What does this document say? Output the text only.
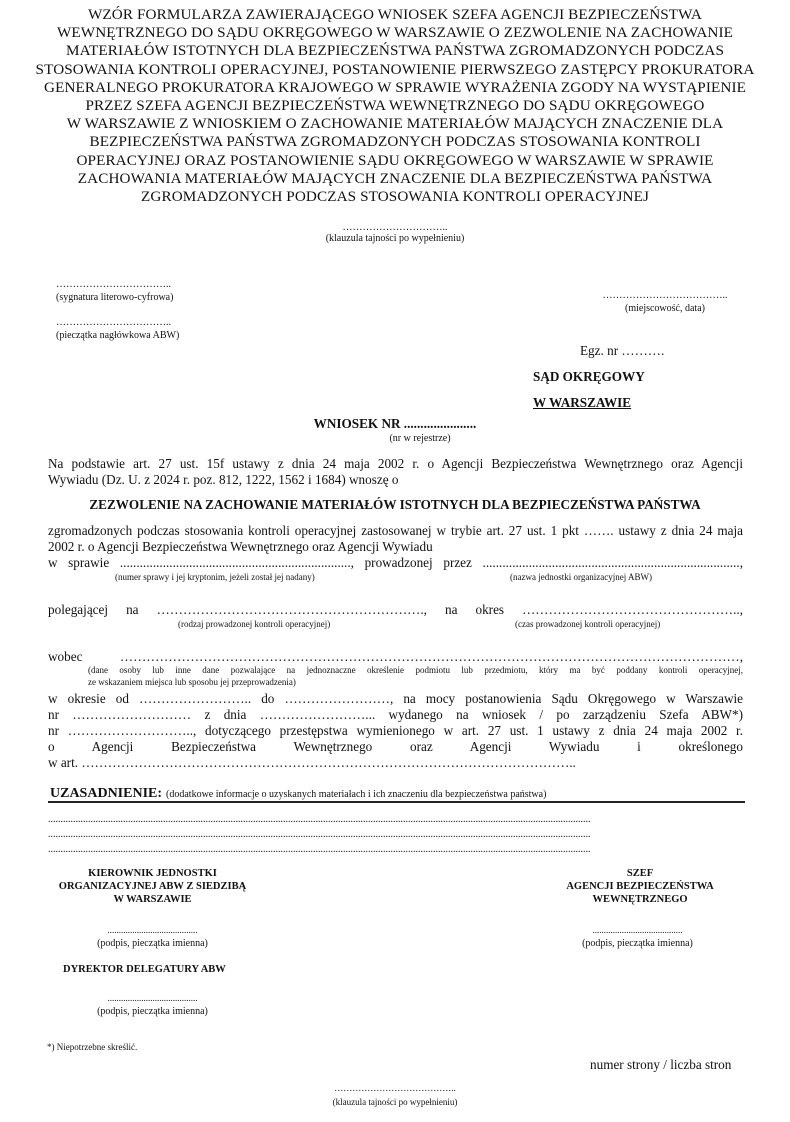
WZÓR FORMULARZA ZAWIERAJĄCEGO WNIOSEK SZEFA AGENCJI BEZPIECZEŃSTWA
WEWNĘTRZNEGO DO SĄDU OKRĘGOWEGO W WARSZAWIE O ZEZWOLENIE NA ZACHOWANIE
MATERIAŁÓW ISTOTNYCH DLA BEZPIECZEŃSTWA PAŃSTWA ZGROMADZONYCH PODCZAS
STOSOWANIA KONTROLI OPERACYJNEJ, POSTANOWIENIE PIERWSZEGO ZASTĘPCY PROKURATORA
GENERALNEGO PROKURATORA KRAJOWEGO W SPRAWIE WYRAŻENIA ZGODY NA WYSTĄPIENIE
PRZEZ SZEFA AGENCJI BEZPIECZEŃSTWA WEWNĘTRZNEGO DO SĄDU OKRĘGOWEGO
W WARSZAWIE Z WNIOSKIEM O ZACHOWANIE MATERIAŁÓW MAJĄCYCH ZNACZENIE DLA
BEZPIECZEŃSTWA PAŃSTWA ZGROMADZONYCH PODCZAS STOSOWANIA KONTROLI
OPERACYJNEJ ORAZ POSTANOWIENIE SĄDU OKRĘGOWEGO W WARSZAWIE W SPRAWIE
ZACHOWANIA MATERIAŁÓW MAJĄCYCH ZNACZENIE DLA BEZPIECZEŃSTWA PAŃSTWA
ZGROMADZONYCH PODCZAS STOSOWANIA KONTROLI OPERACYJNEJ
…………………………..
(klauzula tajności po wypełnieniu)
……………………………..
(sygnatura literowo-cyfrowa)	………………………………..
(miejscowość, data)
……………………………..
(pieczątka nagłówkowa ABW)
Egz. nr ……….
SĄD OKRĘGOWY
W WARSZAWIE
WNIOSEK NR ......................
(nr w rejestrze)
Na podstawie art. 27 ust. 15f ustawy z dnia 24 maja 2002 r. o Agencji Bezpieczeństwa Wewnętrznego oraz Agencji
Wywiadu (Dz. U. z 2024 r. poz. 812, 1222, 1562 i 1684) wnoszę o
ZEZWOLENIE NA ZACHOWANIE MATERIAŁÓW ISTOTNYCH DLA BEZPIECZEŃSTWA PAŃSTWA
zgromadzonych podczas stosowania kontroli operacyjnej zastosowanej w trybie art. 27 ust. 1 pkt ……. ustawy z dnia 24 maja
2002 r. o Agencji Bezpieczeństwa Wewnętrznego oraz Agencji Wywiadu
w sprawie ......................................................................, prowadzonej przez ..............................................................................,
(numer sprawy i jej kryptonim, jeżeli został jej nadany)	(nazwa jednostki organizacyjnej ABW)
polegającej na ……………………………………………………., na okres …………………………………………..,
(rodzaj prowadzonej kontroli operacyjnej)	(czas prowadzonej kontroli operacyjnej)
wobec ……………………………………………………………………………………………………………………………,
(dane osoby lub inne dane pozwalające na jednoznaczne określenie podmiotu lub przedmiotu, który ma być poddany kontroli operacyjnej,
ze wskazaniem miejsca lub sposobu jej przeprowadzenia)
w okresie od …………………….. do ……………………, na mocy postanowienia Sądu Okręgowego w Warszawie
nr ……………………… z dnia ……………………... wydanego na wniosek / po zarządzeniu Szefa ABW*)
nr ……………………….., dotyczącego przestępstwa wymienionego w art. 27 ust. 1 ustawy z dnia 24 maja 2002 r.
o Agencji Bezpieczeństwa Wewnętrznego oraz Agencji Wywiadu i określonego
w art. …………………………………………………………………………………………………..
UZASADNIENIE: (dodatkowe informacje o uzyskanych materiałach i ich znaczeniu dla bezpieczeństwa państwa)
.........................................................................................................................................................................................................................
.........................................................................................................................................................................................................................
.........................................................................................................................................................................................................................
KIEROWNIK JEDNOSTKI
ORGANIZACYJNEJ ABW Z SIEDZIBĄ
W WARSZAWIE
SZEF
AGENCJI BEZPIECZEŃSTWA
WEWNĘTRZNEGO
........................................
(podpis, pieczątka imienna)
........................................
(podpis, pieczątka imienna)
DYREKTOR DELEGATURY ABW
........................................
(podpis, pieczątka imienna)
*) Niepotrzebne skreślić.
numer strony / liczba stron
…………………………………..
(klauzula tajności po wypełnieniu)
